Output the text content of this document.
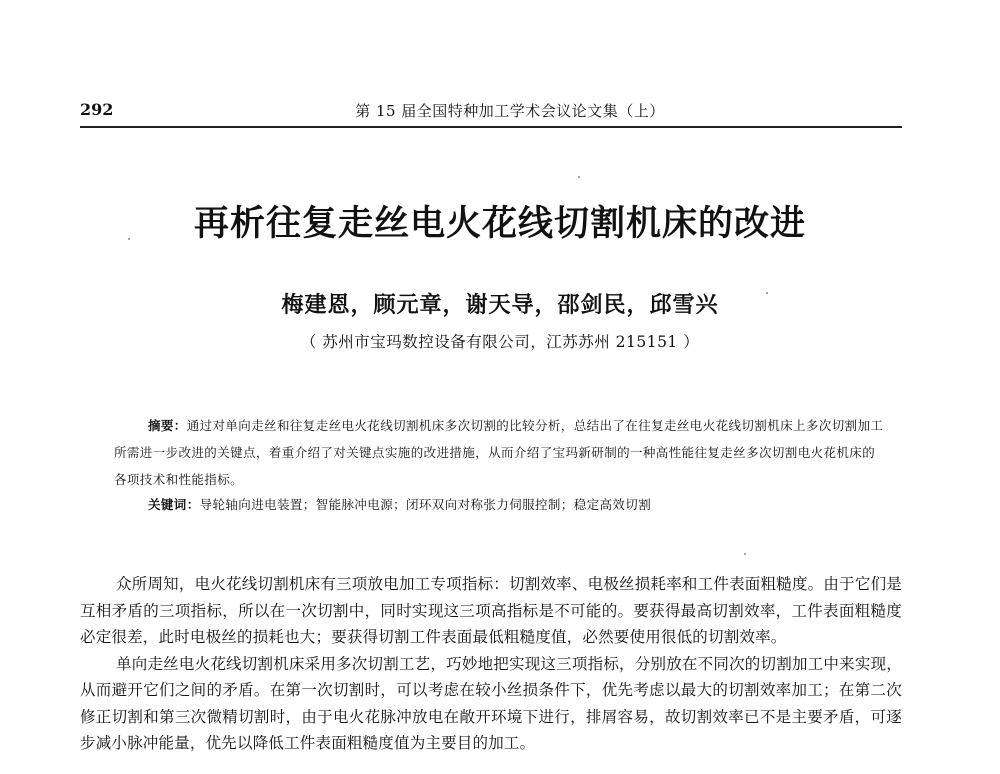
292	第 15 届全国特种加工学术会议论文集（上）
再析往复走丝电火花线切割机床的改进
梅建恩，顾元章，谢天导，邵剑民，邱雪兴
（ 苏州市宝玛数控设备有限公司，江苏苏州 215151 ）
摘要：通过对单向走丝和往复走丝电火花线切割机床多次切割的比较分析，总结出了在往复走丝电火花线切割机床上多次切割加工所需进一步改进的关键点，着重介绍了对关键点实施的改进措施，从而介绍了宝玛新研制的一种高性能往复走丝多次切割电火花机床的各项技术和性能指标。
关键词：导轮轴向进电装置；智能脉冲电源；闭环双向对称张力伺服控制；稳定高效切割

众所周知，电火花线切割机床有三项放电加工专项指标：切割效率、电极丝损耗率和工件表面粗糙度。由于它们是互相矛盾的三项指标，所以在一次切割中，同时实现这三项高指标是不可能的。要获得最高切割效率，工件表面粗糙度必定很差，此时电极丝的损耗也大；要获得切割工件表面最低粗糙度值，必然要使用很低的切割效率。

单向走丝电火花线切割机床采用多次切割工艺，巧妙地把实现这三项指标，分别放在不同次的切割加工中来实现，从而避开它们之间的矛盾。在第一次切割时，可以考虑在较小丝损条件下，优先考虑以最大的切割效率加工；在第二次修正切割和第三次微精切割时，由于电火花脉冲放电在敞开环境下进行，排屑容易，故切割效率已不是主要矛盾，可逐步减小脉冲能量，优先以降低工件表面粗糙度值为主要目的加工。
